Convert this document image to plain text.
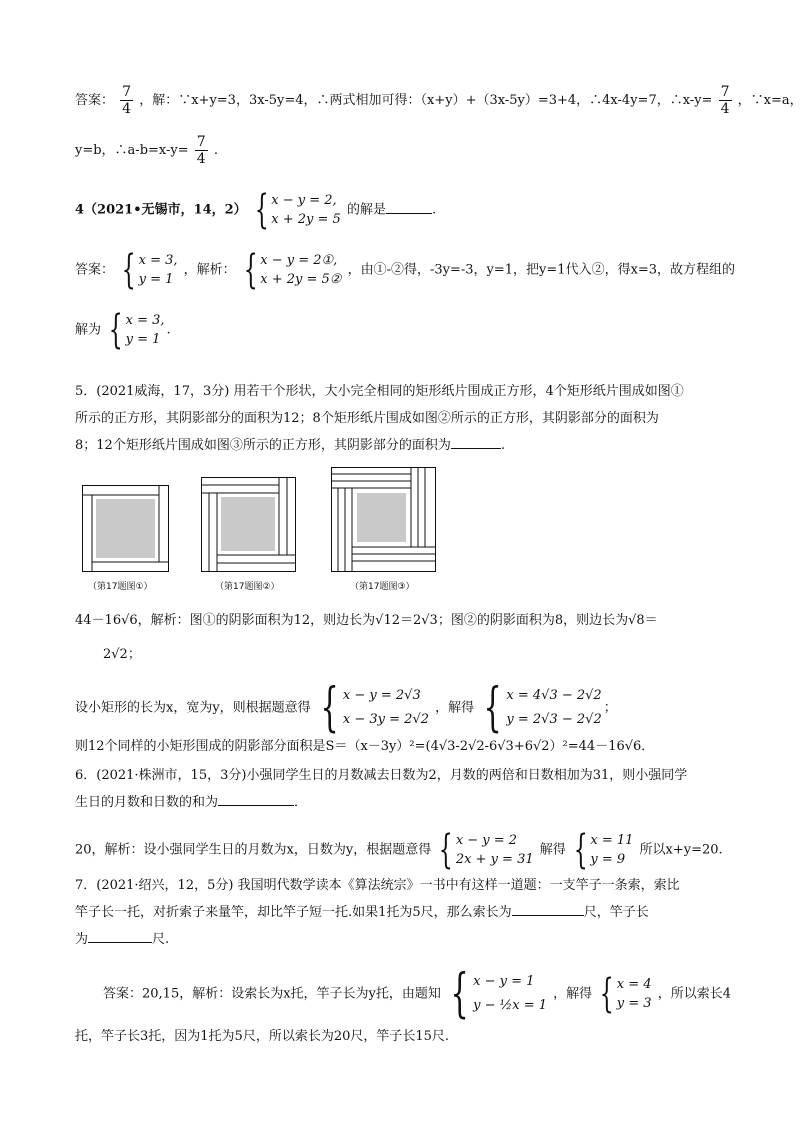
答案： $\frac{7}{4}$ ，解：∵x+y=3，3x-5y=4，∴两式相加可得：（x+y）+（3x-5y）=3+4，∴4x-4y=7，∴x-y= $\frac{7}{4}$ ，∵x=a，
y=b，∴a-b=x-y= $\frac{7}{4}$ .
4（2021•无锡市，14，2） { x − y = 2,
x + 2y = 5
的解是	.
答案： { x = 3,
y = 1
，解析： { x − y = 2①,
x + 2y = 5②
，由①-②得，-3y=-3，y=1，把y=1代入②，得x=3，故方程组的
解为 { x = 3,
y = 1
.
5．(2021威海，17，3分) 用若干个形状，大小完全相同的矩形纸片围成正方形，4个矩形纸片围成如图①
所示的正方形，其阴影部分的面积为12；8个矩形纸片围成如图②所示的正方形，其阴影部分的面积为
8；12个矩形纸片围成如图③所示的正方形，其阴影部分的面积为	.
（第17题图①）	（第17题图②）	（第17题图③）
44－16√6，解析：图①的阴影面积为12，则边长为√12＝2√3；图②的阴影面积为8，则边长为√8＝
2√2；
设小矩形的长为x，宽为y，则根据题意得 { x − y = 2√3
x − 3y = 2√2
，解得 { x = 4√3 − 2√2
y = 2√3 − 2√2
；
则12个同样的小矩形围成的阴影部分面积是S＝（x－3y）²=(4√3-2√2-6√3+6√2）²=44－16√6．
6．(2021·株洲市，15，3分)小强同学生日的月数减去日数为2，月数的两倍和日数相加为31，则小强同学
生日的月数和日数的和为	．
20，解析：设小强同学生日的月数为x，日数为y，根据题意得 { x − y = 2
2x + y = 31
解得 { x = 11
y = 9
所以x+y=20.
7．(2021·绍兴，12，5分) 我国明代数学读本《算法统宗》一书中有这样一道题：一支竿子一条索，索比
竿子长一托，对折索子来量竿，却比竿子短一托.如果1托为5尺，那么索长为	尺，竿子长
为	尺.
答案：20,15，解析：设索长为x托，竿子长为y托，由题知 { x − y = 1
y − ½x = 1
，解得 { x = 4
y = 3
，所以索长4
托，竿子长3托，因为1托为5尺，所以索长为20尺，竿子长15尺.
